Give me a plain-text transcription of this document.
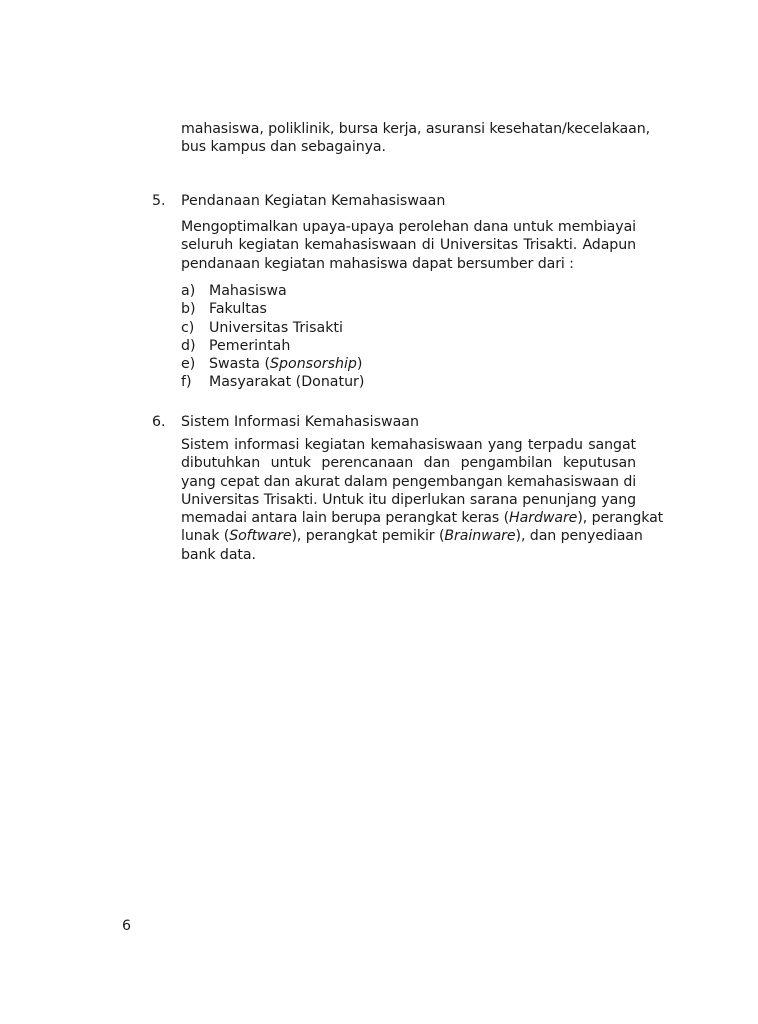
mahasiswa, poliklinik, bursa kerja, asuransi kesehatan/kecelakaan,
bus kampus dan sebagainya.
5. Pendanaan Kegiatan Kemahasiswaan
Mengoptimalkan upaya-upaya perolehan dana untuk membiayai
seluruh kegiatan kemahasiswaan di Universitas Trisakti. Adapun
pendanaan kegiatan mahasiswa dapat bersumber dari :
a) Mahasiswa
b) Fakultas
c) Universitas Trisakti
d) Pemerintah
e) Swasta (Sponsorship)
f) Masyarakat (Donatur)
6. Sistem Informasi Kemahasiswaan
Sistem informasi kegiatan kemahasiswaan yang terpadu sangat
dibutuhkan untuk perencanaan dan pengambilan keputusan
yang cepat dan akurat dalam pengembangan kemahasiswaan di
Universitas Trisakti. Untuk itu diperlukan sarana penunjang yang
memadai antara lain berupa perangkat keras (Hardware), perangkat
lunak (Software), perangkat pemikir (Brainware), dan penyediaan
bank data.
6
